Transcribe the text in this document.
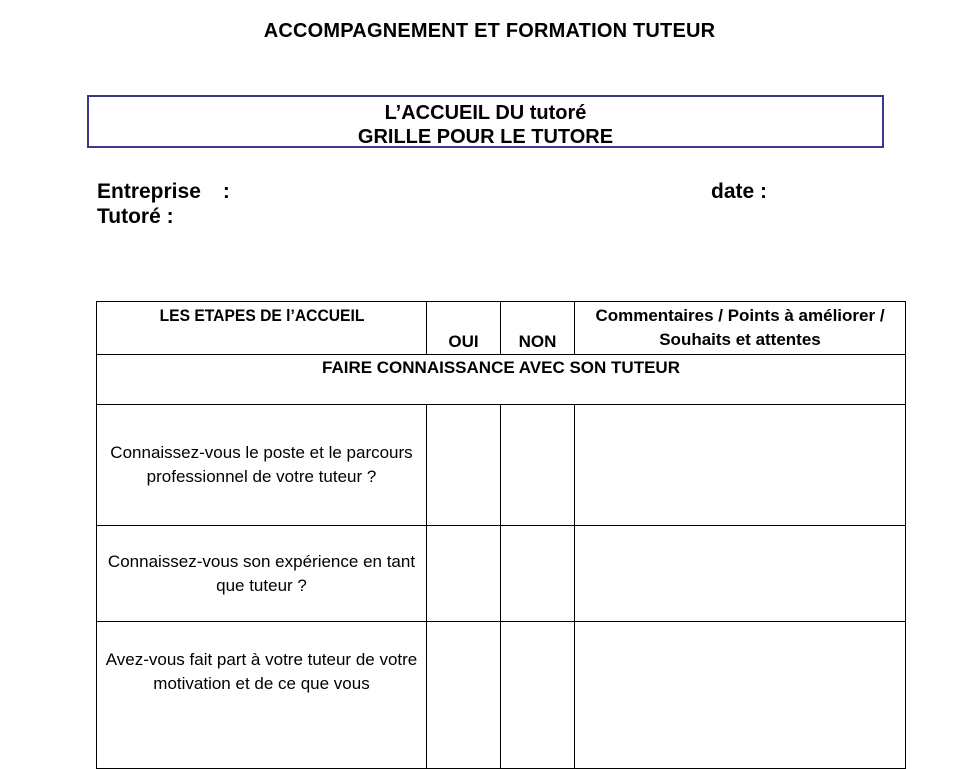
ACCOMPAGNEMENT ET FORMATION TUTEUR
L’ACCUEIL DU tutoré
GRILLE POUR LE TUTORE
Entreprise :	date :
Tutoré :
LES ETAPES DE l’ACCUEIL	OUI	NON	Commentaires / Points à améliorer / Souhaits et attentes
FAIRE CONNAISSANCE AVEC SON TUTEUR			
Connaissez-vous le poste et le parcours professionnel de votre tuteur ?			
Connaissez-vous son expérience en tant que tuteur ?			
Avez-vous fait part à votre tuteur de votre motivation et de ce que vous			
